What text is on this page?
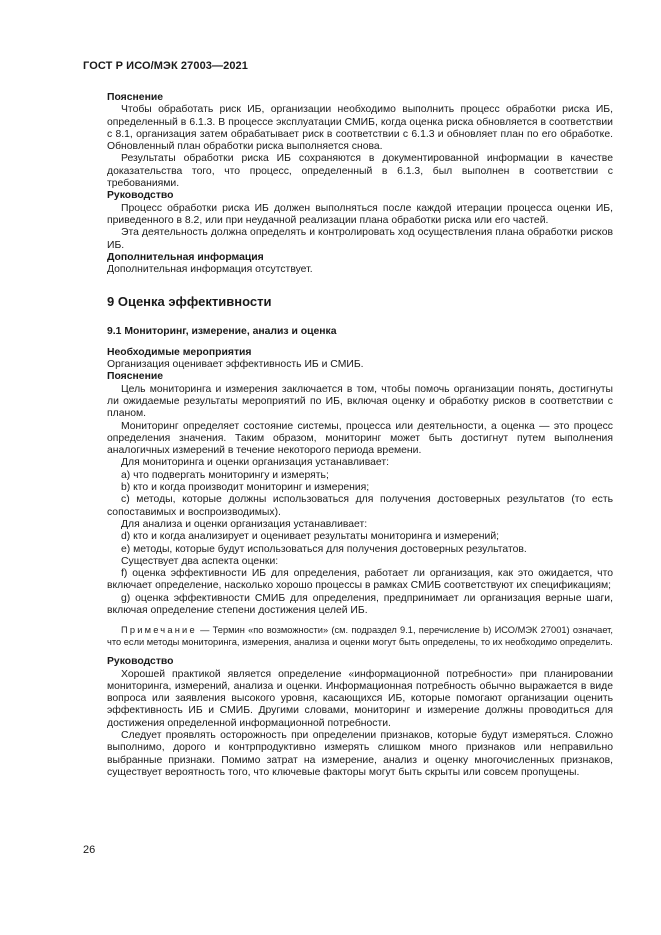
ГОСТ Р ИСО/МЭК 27003—2021

Пояснение

Чтобы обработать риск ИБ, организации необходимо выполнить процесс обработки риска ИБ, определенный в 6.1.3. В процессе эксплуатации СМИБ, когда оценка риска обновляется в соответствии с 8.1, организация затем обрабатывает риск в соответствии с 6.1.3 и обновляет план по его обработке. Обновленный план обработки риска выполняется снова.

Результаты обработки риска ИБ сохраняются в документированной информации в качестве доказательства того, что процесс, определенный в 6.1.3, был выполнен в соответствии с требованиями.

Руководство

Процесс обработки риска ИБ должен выполняться после каждой итерации процесса оценки ИБ, приведенного в 8.2, или при неудачной реализации плана обработки риска или его частей.

Эта деятельность должна определять и контролировать ход осуществления плана обработки рисков ИБ.

Дополнительная информация

Дополнительная информация отсутствует.

9 Оценка эффективности

9.1 Мониторинг, измерение, анализ и оценка

Необходимые мероприятия

Организация оценивает эффективность ИБ и СМИБ.

Пояснение

Цель мониторинга и измерения заключается в том, чтобы помочь организации понять, достигнуты ли ожидаемые результаты мероприятий по ИБ, включая оценку и обработку рисков в соответствии с планом.

Мониторинг определяет состояние системы, процесса или деятельности, а оценка — это процесс определения значения. Таким образом, мониторинг может быть достигнут путем выполнения аналогичных измерений в течение некоторого периода времени.

Для мониторинга и оценки организация устанавливает:

a) что подвергать мониторингу и измерять;

b) кто и когда производит мониторинг и измерения;

c) методы, которые должны использоваться для получения достоверных результатов (то есть сопоставимых и воспроизводимых).

Для анализа и оценки организация устанавливает:

d) кто и когда анализирует и оценивает результаты мониторинга и измерений;

e) методы, которые будут использоваться для получения достоверных результатов.

Существует два аспекта оценки:

f) оценка эффективности ИБ для определения, работает ли организация, как это ожидается, что включает определение, насколько хорошо процессы в рамках СМИБ соответствуют их спецификациям;

g) оценка эффективности СМИБ для определения, предпринимает ли организация верные шаги, включая определение степени достижения целей ИБ.

Примечание — Термин «по возможности» (см. подраздел 9.1, перечисление b) ИСО/МЭК 27001) означает, что если методы мониторинга, измерения, анализа и оценки могут быть определены, то их необходимо определить.

Руководство

Хорошей практикой является определение «информационной потребности» при планировании мониторинга, измерений, анализа и оценки. Информационная потребность обычно выражается в виде вопроса или заявления высокого уровня, касающихся ИБ, которые помогают организации оценить эффективность ИБ и СМИБ. Другими словами, мониторинг и измерение должны проводиться для достижения определенной информационной потребности.

Следует проявлять осторожность при определении признаков, которые будут измеряться. Сложно выполнимо, дорого и контрпродуктивно измерять слишком много признаков или неправильно выбранные признаки. Помимо затрат на измерение, анализ и оценку многочисленных признаков, существует вероятность того, что ключевые факторы могут быть скрыты или совсем пропущены.

26
